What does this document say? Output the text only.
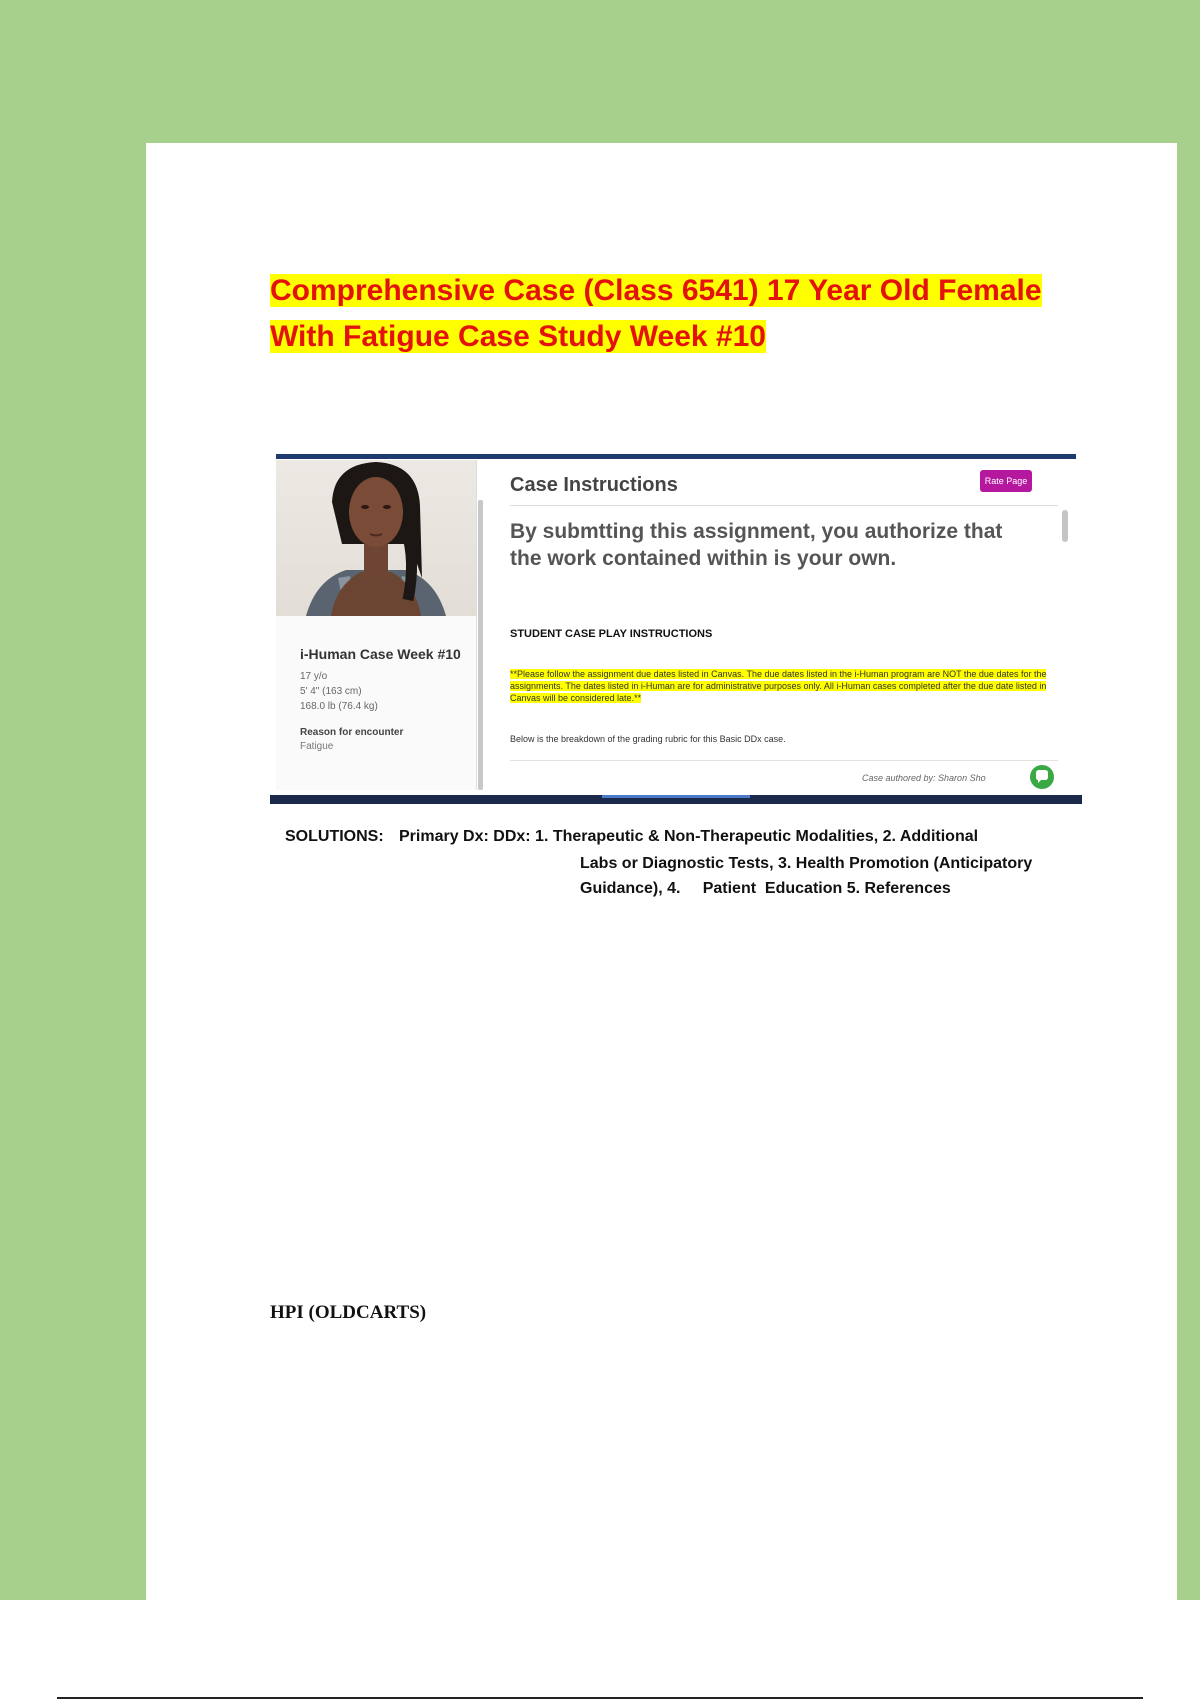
Comprehensive Case (Class 6541) 17 Year Old Female
With Fatigue Case Study Week #10

i-Human Case Week #10

17 y/o

5' 4" (163 cm)

168.0 lb (76.4 kg)

Reason for encounter

Fatigue

Case Instructions	Rate Page

By submtting this assignment, you authorize that the work contained within is your own.

STUDENT CASE PLAY INSTRUCTIONS

**Please follow the assignment due dates listed in Canvas. The due dates listed in the i-Human program are NOT the due dates for the assignments. The dates listed in i-Human are for administrative purposes only. All i-Human cases completed after the due date listed in Canvas will be considered late.**

Below is the breakdown of the grading rubric for this Basic DDx case.

Case authored by: Sharon Sho

SOLUTIONS: Primary Dx: DDx: 1. Therapeutic & Non-Therapeutic Modalities, 2. Additional

Labs or Diagnostic Tests, 3. Health Promotion (Anticipatory

Guidance), 4.     Patient  Education 5. References

HPI (OLDCARTS)
